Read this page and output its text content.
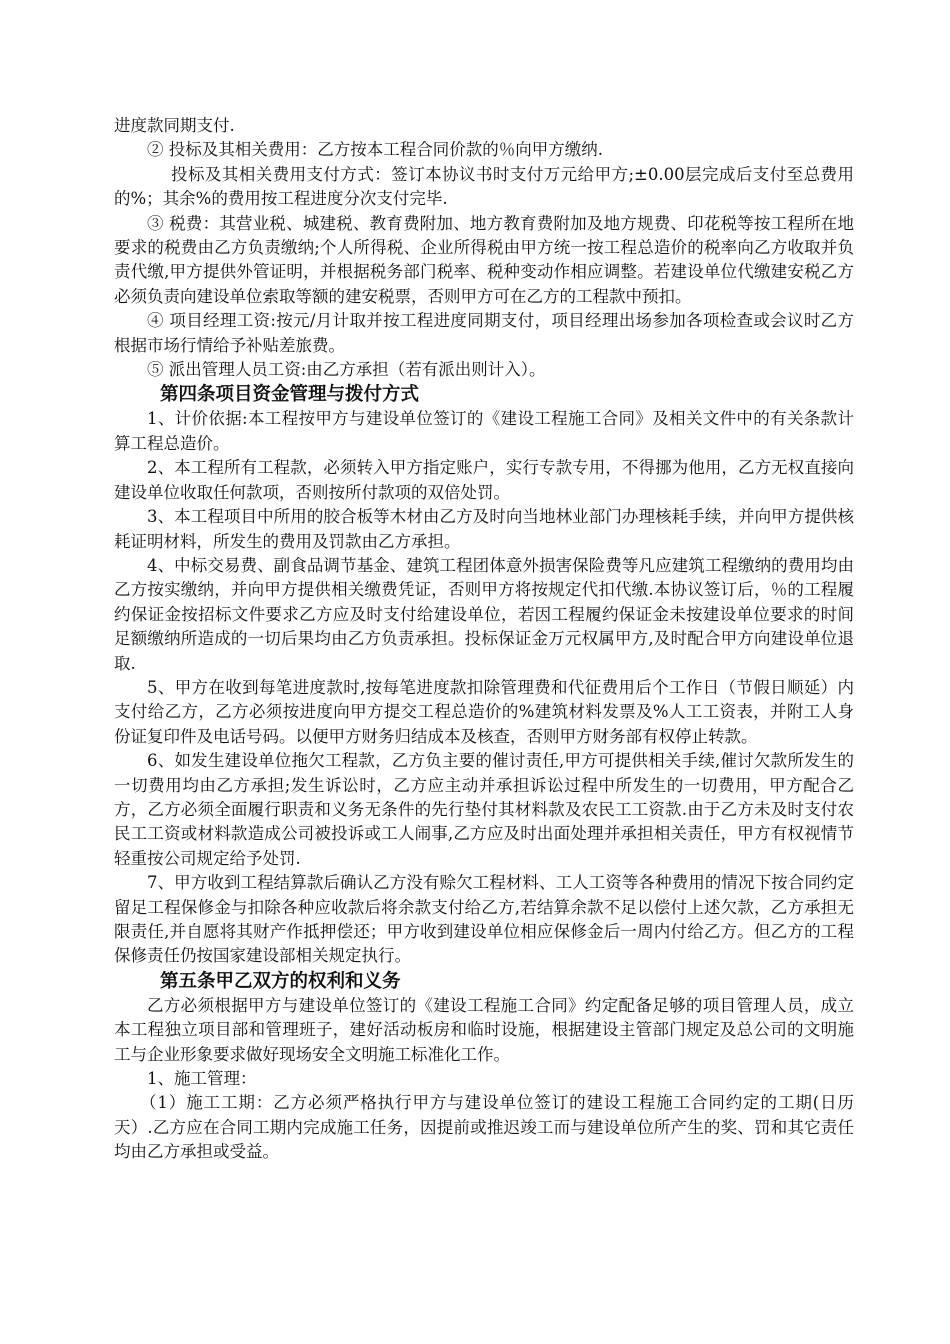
进度款同期支付.

② 投标及其相关费用：乙方按本工程合同价款的％向甲方缴纳.

投标及其相关费用支付方式：签订本协议书时支付万元给甲方;±0.00层完成后支付至总费用的%；其余%的费用按工程进度分次支付完毕.

③ 税费：其营业税、城建税、教育费附加、地方教育费附加及地方规费、印花税等按工程所在地要求的税费由乙方负责缴纳;个人所得税、企业所得税由甲方统一按工程总造价的税率向乙方收取并负责代缴,甲方提供外管证明，并根据税务部门税率、税种变动作相应调整。若建设单位代缴建安税乙方必须负责向建设单位索取等额的建安税票，否则甲方可在乙方的工程款中预扣。

④ 项目经理工资:按元/月计取并按工程进度同期支付，项目经理出场参加各项检查或会议时乙方根据市场行情给予补贴差旅费。

⑤ 派出管理人员工资:由乙方承担（若有派出则计入）。

第四条项目资金管理与拨付方式

1、计价依据:本工程按甲方与建设单位签订的《建设工程施工合同》及相关文件中的有关条款计算工程总造价。

2、本工程所有工程款，必须转入甲方指定账户，实行专款专用，不得挪为他用，乙方无权直接向建设单位收取任何款项，否则按所付款项的双倍处罚。

3、本工程项目中所用的胶合板等木材由乙方及时向当地林业部门办理核耗手续，并向甲方提供核耗证明材料，所发生的费用及罚款由乙方承担。

4、中标交易费、副食品调节基金、建筑工程团体意外损害保险费等凡应建筑工程缴纳的费用均由乙方按实缴纳，并向甲方提供相关缴费凭证，否则甲方将按规定代扣代缴.本协议签订后，％的工程履约保证金按招标文件要求乙方应及时支付给建设单位，若因工程履约保证金未按建设单位要求的时间足额缴纳所造成的一切后果均由乙方负责承担。投标保证金万元权属甲方,及时配合甲方向建设单位退取.

5、甲方在收到每笔进度款时,按每笔进度款扣除管理费和代征费用后个工作日（节假日顺延）内支付给乙方，乙方必须按进度向甲方提交工程总造价的%建筑材料发票及%人工工资表，并附工人身份证复印件及电话号码。以便甲方财务归结成本及核查，否则甲方财务部有权停止转款。

6、如发生建设单位拖欠工程款，乙方负主要的催讨责任,甲方可提供相关手续,催讨欠款所发生的一切费用均由乙方承担;发生诉讼时，乙方应主动并承担诉讼过程中所发生的一切费用，甲方配合乙方，乙方必须全面履行职责和义务无条件的先行垫付其材料款及农民工工资款.由于乙方未及时支付农民工工资或材料款造成公司被投诉或工人闹事,乙方应及时出面处理并承担相关责任，甲方有权视情节轻重按公司规定给予处罚.

7、甲方收到工程结算款后确认乙方没有赊欠工程材料、工人工资等各种费用的情况下按合同约定留足工程保修金与扣除各种应收款后将余款支付给乙方,若结算余款不足以偿付上述欠款，乙方承担无限责任,并自愿将其财产作抵押偿还；甲方收到建设单位相应保修金后一周内付给乙方。但乙方的工程保修责任仍按国家建设部相关规定执行。

第五条甲乙双方的权利和义务

乙方必须根据甲方与建设单位签订的《建设工程施工合同》约定配备足够的项目管理人员，成立本工程独立项目部和管理班子，建好活动板房和临时设施，根据建设主管部门规定及总公司的文明施工与企业形象要求做好现场安全文明施工标准化工作。

1、施工管理：

（1）施工工期：乙方必须严格执行甲方与建设单位签订的建设工程施工合同约定的工期(日历天）.乙方应在合同工期内完成施工任务，因提前或推迟竣工而与建设单位所产生的奖、罚和其它责任均由乙方承担或受益。
